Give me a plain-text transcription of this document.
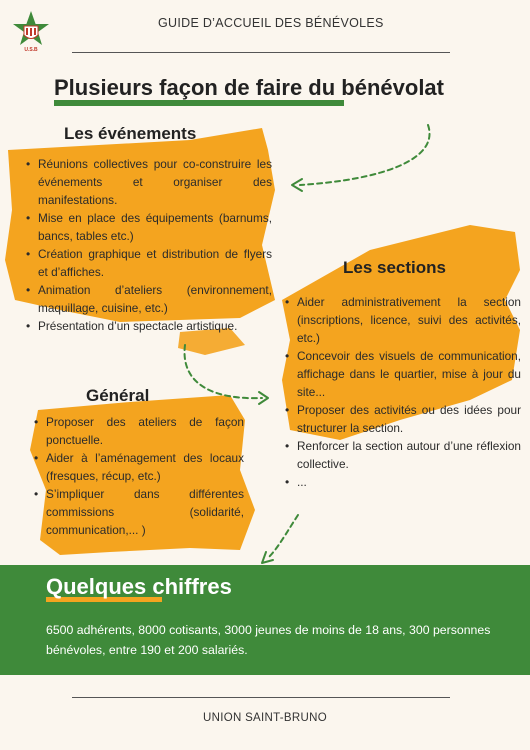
U.S.B
GUIDE D’ACCUEIL DES BÉNÉVOLES
Plusieurs façon de faire du bénévolat
Les événements
• Réunions collectives pour co-construire les événements et organiser des manifestations.
• Mise en place des équipements (barnums, bancs, tables etc.)
• Création graphique et distribution de flyers et d’affiches.
• Animation d’ateliers (environnement, maquillage, cuisine, etc.)
• Présentation d’un spectacle artistique.
Les sections
• Aider administrativement la section (inscriptions, licence, suivi des activités, etc.)
• Concevoir des visuels de communication, affichage dans le quartier, mise à jour du site...
• Proposer des activités ou des idées pour structurer la section.
• Renforcer la section autour d’une réflexion collective.
• ...
Général
• Proposer des ateliers de façon ponctuelle.
• Aider à l’aménagement des locaux (fresques, récup, etc.)
• S’impliquer dans différentes commissions (solidarité, communication,... )
Quelques chiffres
6500 adhérents, 8000 cotisants, 3000 jeunes de moins de 18 ans, 300 personnes bénévoles, entre 190 et 200 salariés.
UNION SAINT-BRUNO
